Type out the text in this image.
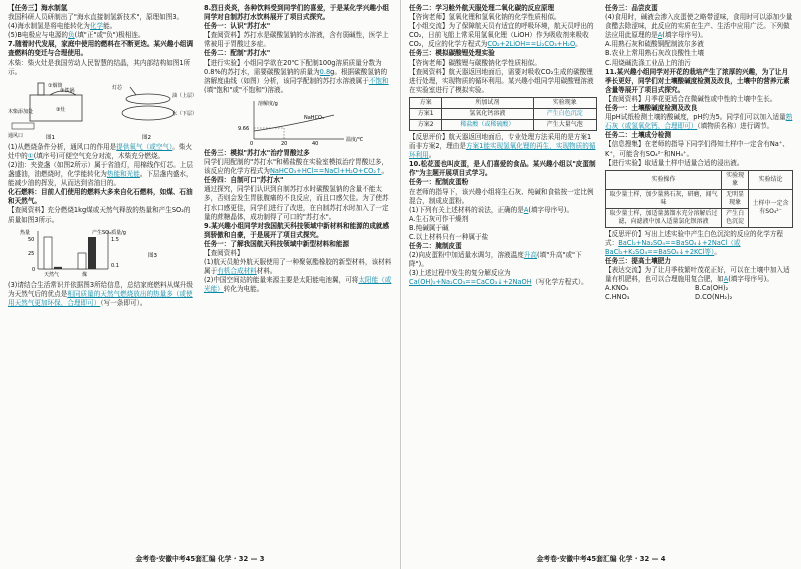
【任务三】海水制氢

我国科研人员研制出了"海水直接制氢新技术"，原理如图3。

(4)海水制氢是将电能转化为化学能。

(5)B电极应与电源的负(填"正"或"负")极相连。

7.随着时代发展，家庭中使用的燃料在不断更迭。某兴趣小组调查燃料的变迁与合理使用。

木柴：柴火灶是我国劳动人民智慧的结晶，其内部结构如图1所示。

①烟筒
②铁锅
③灶
木柴添加处
通风口	图1
灯芯
油（上层）
水（下层）
图2

(1)从燃烧条件分析，通风口的作用是提供氧气（或空气）。柴火灶中的①(填序号)可便空气充分对流，木柴充分燃烧。

(2)油：夹瓷盏（如图2所示）属于省油灯，用棉线作灯芯。上层盏盛油，油燃烧时，化学能转化为热能和光能。下层盏内盛水，能减少油的挥发，从而达到省油目的。

化石燃料：目前人们使用的燃料大多来自化石燃料，如煤、石油和天然气。

【查阅资料】充分燃烧1kg煤或天然气释放的热量和产生SO₂的质量如图3所示。

热量	产生SO₂质量/g
50
25
0
1.5
0.1
天然气	煤
图3

(3)请结合生活常识并依据图3所给信息，总结家庭燃料从煤升级为天然气后的优点是相同质量的天然气燃烧放出的热量多（或使用天然气更加环保，合理即可）（写一条即可）。

8.烈日炎炎，各种饮料受到同学们的喜爱，于是某化学兴趣小组同学对自制苏打水饮料展开了项目式探究。

任务一：认识"苏打水"

【查阅资料】苏打水是碳酸氢钠的水溶液，含有弱碱性，医学上常被用于胃酸过多症。

任务二：配制"苏打水"

【进行实验】小组同学欲在20℃下配制100g溶质质量分数为0.8%的苏打水，需要碳酸氢钠的质量为0.8g。根据碳酸氢钠的溶解度曲线（如图）分析，该同学配制的苏打水溶液属于不饱和(填"饱和"或"不饱和")溶液。

溶解度/g
9.66
NaHCO₃
0	20	40
温度/℃

任务三：模拟"苏打水"治疗胃酸过多

同学们用配制的"苏打水"和稀盐酸在实验室模拟治疗胃酸过多，该反应的化学方程式为NaHCO₃+HCl==NaCl+H₂O+CO₂↑。

任务四：自制可口"苏打水"

通过探究，同学们认识到自制苏打水时碳酸氢钠的含量不能太多，否则会发生胃胀腹痛的不良反应，而且口感欠佳。为了使苏打水口感更佳，同学们进行了改进，在自制苏打水时加入了一定量的蔗糖晶体，成功制得了可口的"苏打水"。

9.某兴趣小组同学对我国航天科技领域中新材料和能源的成就感到骄傲和自豪，于是展开了项目式探究。

任务一：了解我国航天科技领域中新型材料和能源

【查阅资料】

(1)航天员舱外航天服使用了一种聚氨酯橡胶的新型材料，该材料属于有机合成材料材料。

(2)中国空间站的能量来源主要是太阳能电池翼，可将太阳能（或光能）转化为电能。

金考卷·安徽中考45套汇编 化学 · 32 — 3

任务二：学习舱外航天服处理二氧化碳的反应原理

【咨询老师】氢氧化锂和氢氧化钠的化学性质相似。

【小组交流】为了保障航天员有适宜的呼吸环境，航天员呼出的CO₂，日前飞船上常采用氢氧化锂（LiOH）作为吸收剂来吸收CO₂，反应的化学方程式为CO₂+2LiOH==Li₂CO₃+H₂O。

任务三：模拟碳酸锂处理实验

【咨询老师】碳酸锂与碳酸钠化学性质相似。

【查阅资料】航天器返回地面后，需要对吸收CO₂生成的碳酸锂进行处理，实现物质的循环利用。某兴趣小组同学用碳酸锂溶液在实验室进行了模拟实验。

方案	所加试剂	实验现象
方案1	氢氧化钙溶液	产生白色沉淀
方案2	稀盐酸（或稀硫酸）	产生大量气泡

【反思评价】航天器返回地面后，专业处理方法采用的是方案1而非方案2，理由是方案1能实现氢氧化锂的再生，实现物质的循环利用。

10.松花蛋也叫皮蛋，是人们喜爱的食品。某兴趣小组以"皮蛋制作"为主题开展项目式学习。

任务一：配制皮蛋粉

在老师的指导下，该兴趣小组将生石灰、纯碱和食盐按一定比例混合，制成皮蛋粉。

(1)下列有关上述材料的说法，正确的是A(填字母序号)。

A.生石灰可作干燥剂

B.纯碱属于碱

C.以上材料只有一种属于盐

任务二：腌制皮蛋

(2)向皮蛋粉中加适量水调匀，溶液温度升高(填"升高"或"下降")。

(3)上述过程中发生的复分解反应为Ca(OH)₂+Na₂CO₃==CaCO₃↓+2NaOH（写化学方程式）。

任务三：品尝皮蛋

(4)食用时，碱液会渗入皮蛋使之略带涩味，食用时可以添加少量食醋去除涩味，此反应的实质在生产、生活中应用广泛。下列做法应用此原理的是A(填字母序号)。

A.用熟石灰和硫酸铜配制波尔多液

B.农业上常用熟石灰改良酸性土壤

C.用烧碱洗涤工业品上的油污

11.某兴趣小组同学对开花的栽培产生了浓厚的兴趣，为了让月季长更好，同学们对土壤酸碱度检测及改良，土壤中的营养元素含量等展开了项目式探究。

【查阅资料】月季花更适合在微碱性或中性的土壤中生长。

任务一：土壤酸碱度检测及改良

用pH试纸检测土壤的酸碱度，pH约为5。同学们可以加入适量熟石灰（或氢氧化钙，合理即可）（填物质名称）进行调节。

任务二：土壤成分检测

【信息搜集】在老师的指导下同学们得知土样中一定含有Na⁺、K⁺，可能含有SO₄²⁻和NH₄⁺。

【进行实验】取适量土样中适量合适的浸出液。

实验操作	实验现象	实验结论
取少量土样，加少量熟石灰，研磨，闻气味	无明显现象	土样中一定含有SO₄²⁻
取少量土样，加适量蒸馏水充分溶解后过滤，向滤液中加入适量氯化钡溶液	产生白色沉淀	

【反思评价】写出上述实验中产生白色沉淀的反应的化学方程式：BaCl₂+Na₂SO₄==BaSO₄↓+2NaCl（或BaCl₂+K₂SO₄==BaSO₄↓+2KCl等）。

任务三：提高土壤肥力

【表达交流】为了让月季枝繁叶茂花正好，可以在土壤中加入适量有机肥料，也可以合理施用复合肥，如A(填字母序号)。

A.KNO₃	B.Ca(OH)₂

C.HNO₃	D.CO(NH₂)₂

金考卷·安徽中考45套汇编 化学 · 32 — 4
